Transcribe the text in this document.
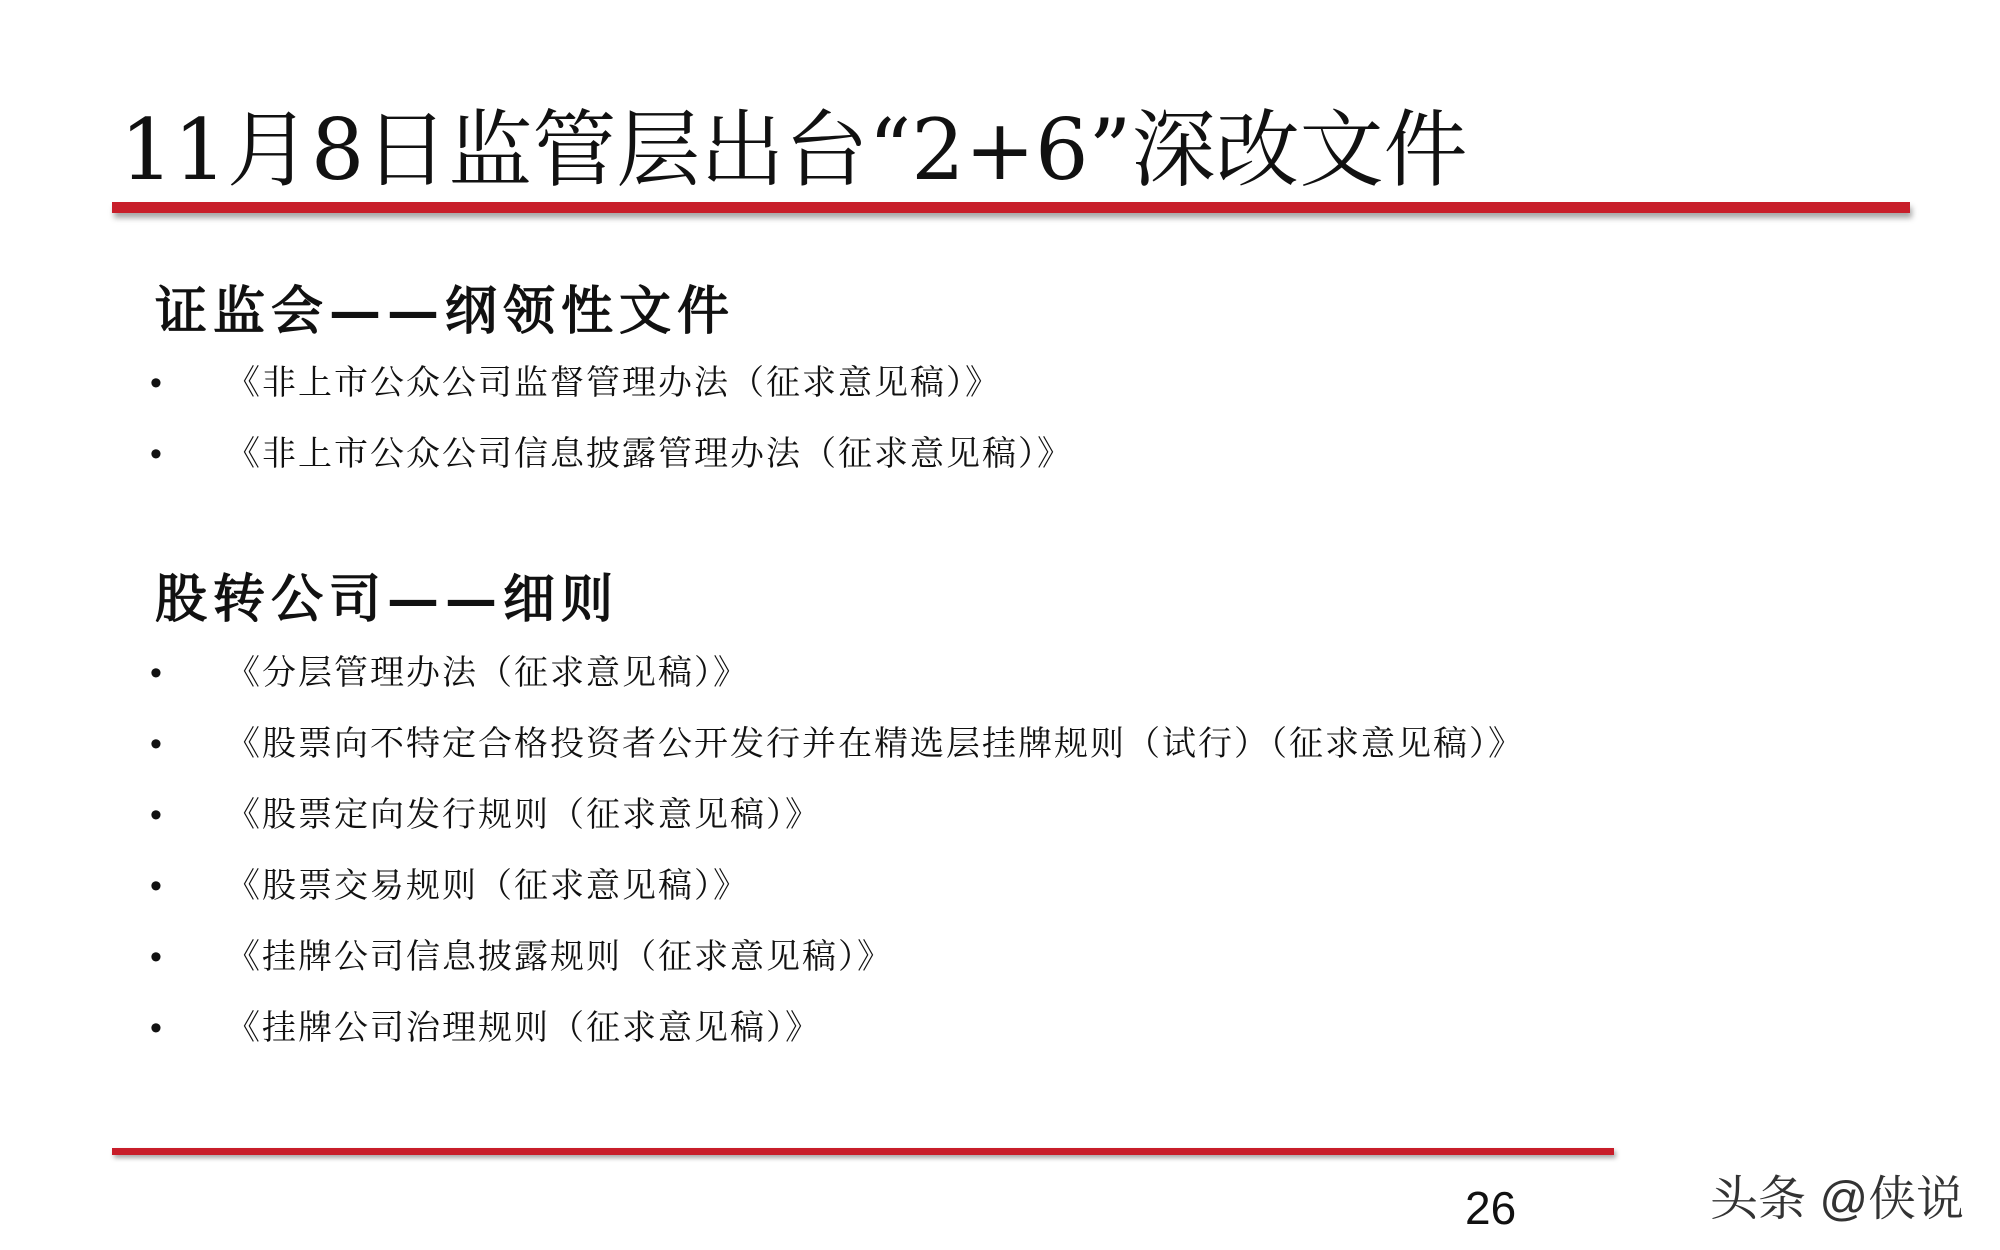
11月8日监管层出台“2+6”深改文件
证监会——纲领性文件
• 《非上市公众公司监督管理办法（征求意见稿）》
• 《非上市公众公司信息披露管理办法（征求意见稿）》
股转公司——细则
• 《分层管理办法（征求意见稿）》
• 《股票向不特定合格投资者公开发行并在精选层挂牌规则（试行）（征求意见稿）》
• 《股票定向发行规则（征求意见稿）》
• 《股票交易规则（征求意见稿）》
• 《挂牌公司信息披露规则（征求意见稿）》
• 《挂牌公司治理规则（征求意见稿）》
26	头条 @侠说
